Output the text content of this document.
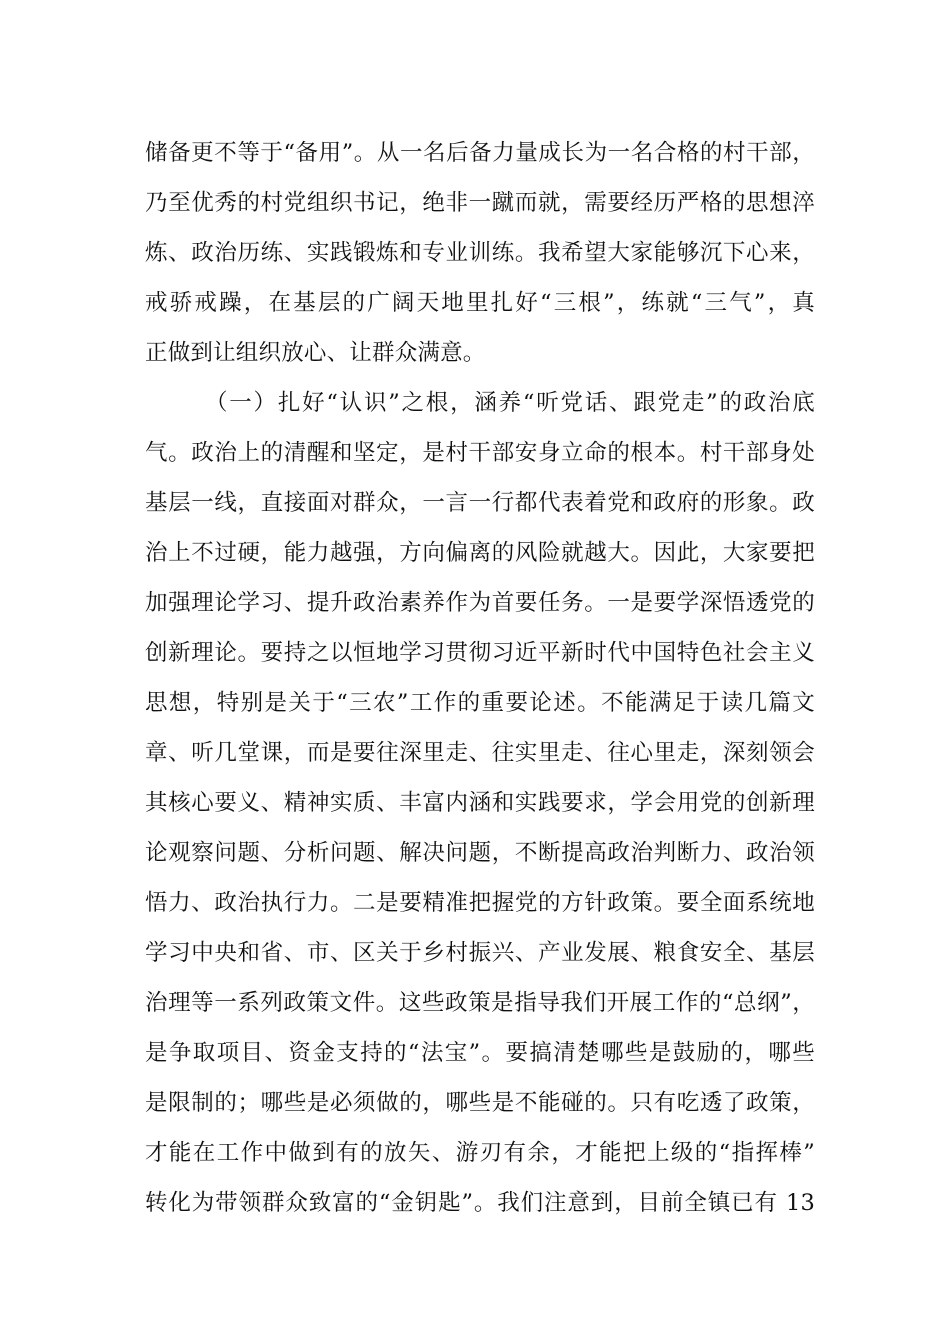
储备更不等于“备用”。从一名后备力量成长为一名合格的村干部，
乃至优秀的村党组织书记，绝非一蹴而就，需要经历严格的思想淬
炼、政治历练、实践锻炼和专业训练。我希望大家能够沉下心来，
戒骄戒躁，在基层的广阔天地里扎好“三根”，练就“三气”，真
正做到让组织放心、让群众满意。
（一）扎好“认识”之根，涵养“听党话、跟党走”的政治底
气。政治上的清醒和坚定，是村干部安身立命的根本。村干部身处
基层一线，直接面对群众，一言一行都代表着党和政府的形象。政
治上不过硬，能力越强，方向偏离的风险就越大。因此，大家要把
加强理论学习、提升政治素养作为首要任务。一是要学深悟透党的
创新理论。要持之以恒地学习贯彻习近平新时代中国特色社会主义
思想，特别是关于“三农”工作的重要论述。不能满足于读几篇文
章、听几堂课，而是要往深里走、往实里走、往心里走，深刻领会
其核心要义、精神实质、丰富内涵和实践要求，学会用党的创新理
论观察问题、分析问题、解决问题，不断提高政治判断力、政治领
悟力、政治执行力。二是要精准把握党的方针政策。要全面系统地
学习中央和省、市、区关于乡村振兴、产业发展、粮食安全、基层
治理等一系列政策文件。这些政策是指导我们开展工作的“总纲”，
是争取项目、资金支持的“法宝”。要搞清楚哪些是鼓励的，哪些
是限制的；哪些是必须做的，哪些是不能碰的。只有吃透了政策，
才能在工作中做到有的放矢、游刃有余，才能把上级的“指挥棒”
转化为带领群众致富的“金钥匙”。我们注意到，目前全镇已有 13
